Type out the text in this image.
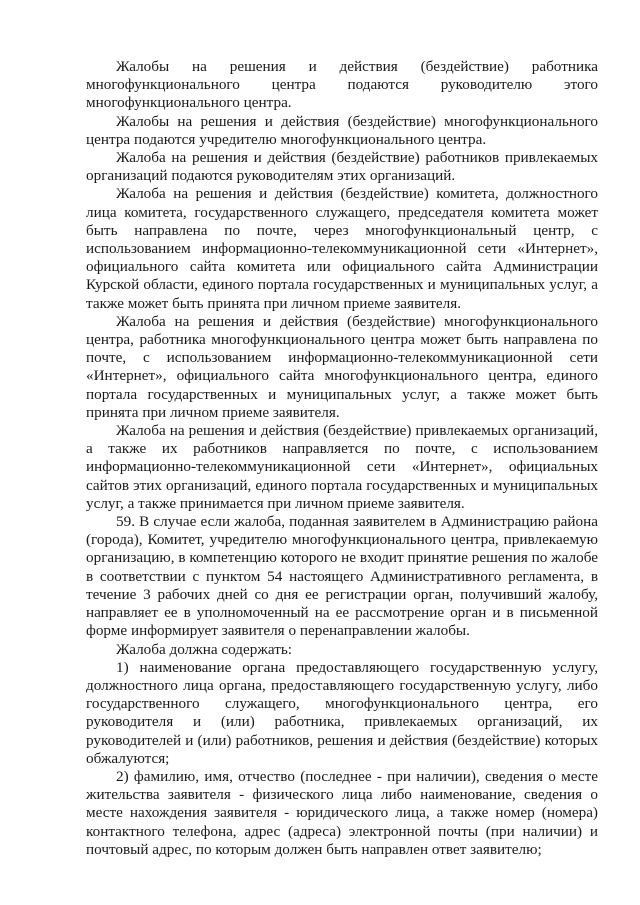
Жалобы на решения и действия (бездействие) работника многофункционального центра подаются руководителю этого многофункционального центра.

Жалобы на решения и действия (бездействие) многофункционального центра подаются учредителю многофункционального центра.

Жалоба на решения и действия (бездействие) работников привлекаемых организаций подаются руководителям этих организаций.

Жалоба на решения и действия (бездействие) комитета, должностного лица комитета, государственного служащего, председателя комитета может быть направлена по почте, через многофункциональный центр, с использованием информационно-телекоммуникационной сети «Интернет», официального сайта комитета или официального сайта Администрации Курской области, единого портала государственных и муниципальных услуг, а также может быть принята при личном приеме заявителя.

Жалоба на решения и действия (бездействие) многофункционального центра, работника многофункционального центра может быть направлена по почте, с использованием информационно-телекоммуникационной сети «Интернет», официального сайта многофункционального центра, единого портала государственных и муниципальных услуг, а также может быть принята при личном приеме заявителя.

Жалоба на решения и действия (бездействие) привлекаемых организаций, а также их работников направляется по почте, с использованием информационно-телекоммуникационной сети «Интернет», официальных сайтов этих организаций, единого портала государственных и муниципальных услуг, а также принимается при личном приеме заявителя.

59. В случае если жалоба, поданная заявителем в Администрацию района (города), Комитет, учредителю многофункционального центра, привлекаемую организацию, в компетенцию которого не входит принятие решения по жалобе в соответствии с пунктом 54 настоящего Административного регламента, в течение 3 рабочих дней со дня ее регистрации орган, получивший жалобу, направляет ее в уполномоченный на ее рассмотрение орган и в письменной форме информирует заявителя о перенаправлении жалобы.

Жалоба должна содержать:

1) наименование органа предоставляющего государственную услугу, должностного лица органа, предоставляющего государственную услугу, либо государственного служащего, многофункционального центра, его руководителя и (или) работника, привлекаемых организаций, их руководителей и (или) работников, решения и действия (бездействие) которых обжалуются;

2) фамилию, имя, отчество (последнее - при наличии), сведения о месте жительства заявителя - физического лица либо наименование, сведения о месте нахождения заявителя - юридического лица, а также номер (номера) контактного телефона, адрес (адреса) электронной почты (при наличии) и почтовый адрес, по которым должен быть направлен ответ заявителю;
